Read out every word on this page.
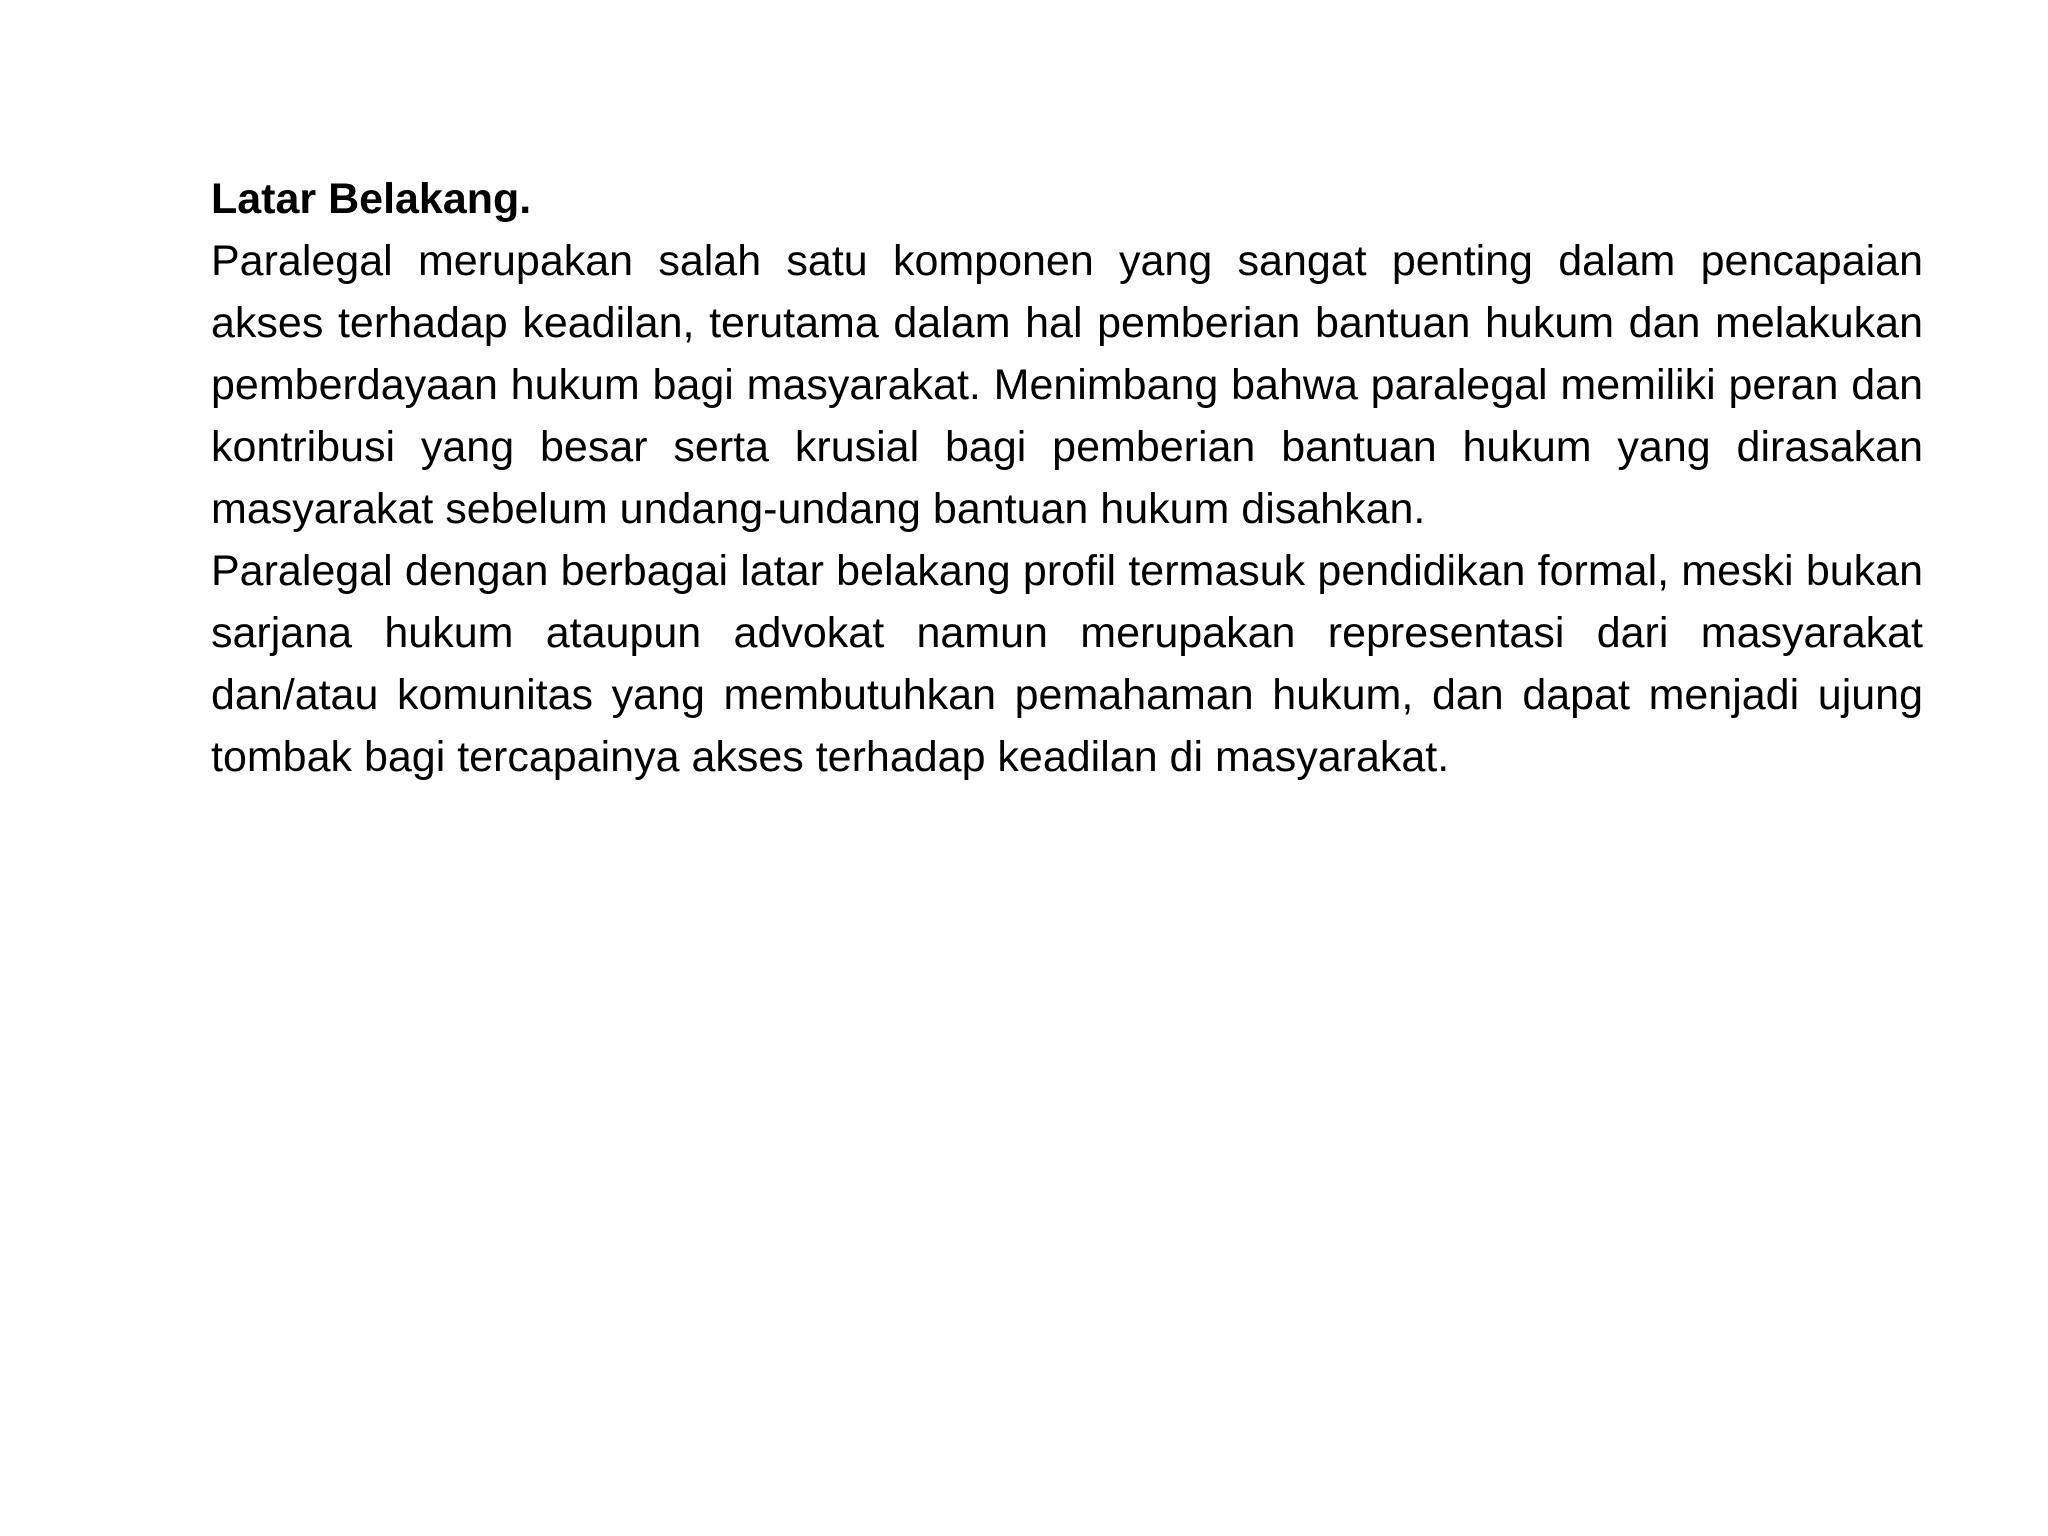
Latar Belakang.

Paralegal merupakan salah satu komponen yang sangat penting dalam pencapaian akses terhadap keadilan, terutama dalam hal pemberian bantuan hukum dan melakukan pemberdayaan hukum bagi masyarakat. Menimbang bahwa paralegal memiliki peran dan kontribusi yang besar serta krusial bagi pemberian bantuan hukum yang dirasakan masyarakat sebelum undang-undang bantuan hukum disahkan.

Paralegal dengan berbagai latar belakang profil termasuk pendidikan formal, meski bukan sarjana hukum ataupun advokat namun merupakan representasi dari masyarakat dan/atau komunitas yang membutuhkan pemahaman hukum, dan dapat menjadi ujung tombak bagi tercapainya akses terhadap keadilan di masyarakat.
